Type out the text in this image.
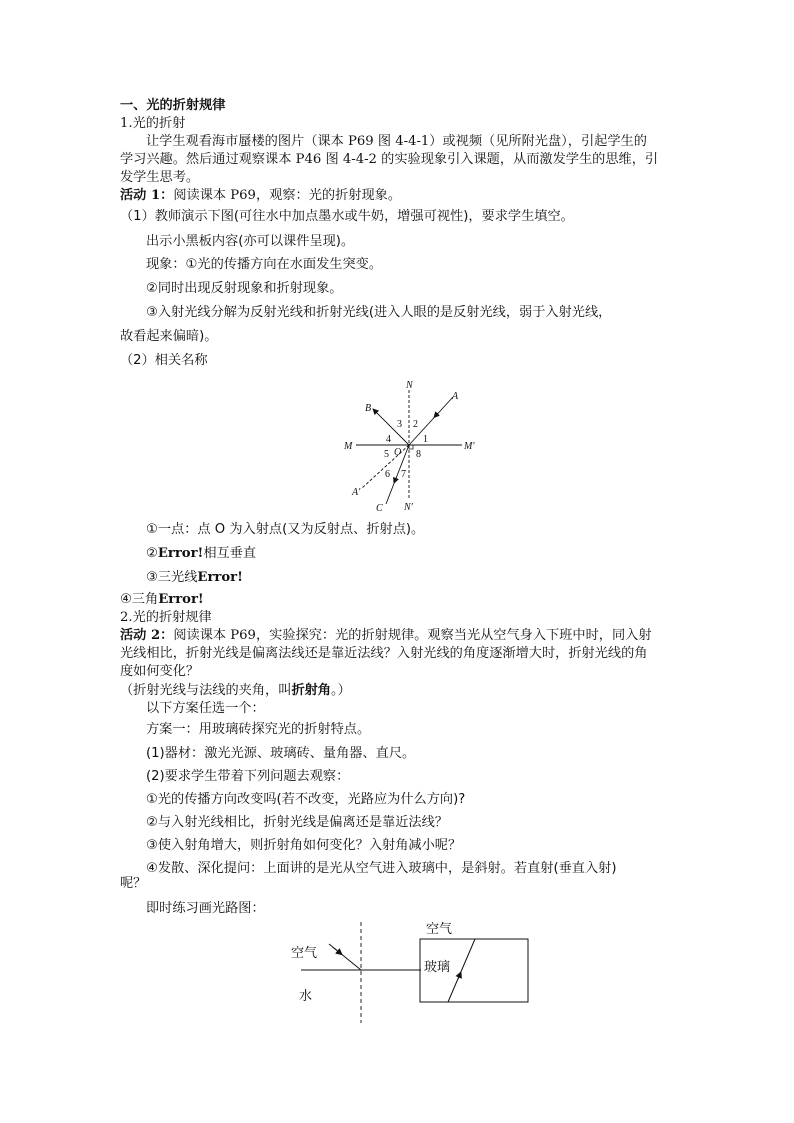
一、光的折射规律
1.光的折射
让学生观看海市蜃楼的图片（课本 P69 图 4-4-1）或视频（见所附光盘），引起学生的
学习兴趣。然后通过观察课本 P46 图 4-4-2 的实验现象引入课题，从而激发学生的思维，引
发学生思考。
活动 1：阅读课本 P69，观察：光的折射现象。
（1）教师演示下图(可往水中加点墨水或牛奶，增强可视性)，要求学生填空。
出示小黑板内容(亦可以课件呈现)。
现象：①光的传播方向在水面发生突变。
②同时出现反射现象和折射现象。
③入射光线分解为反射光线和折射光线(进入人眼的是反射光线，弱于入射光线，
故看起来偏暗)。
（2）相关名称
N
A
B
M	M′
O
A′
C N′
1
2
3
4
5
6 7
8
①一点：点 O 为入射点(又为反射点、折射点)。
②Error!相互垂直
③三光线Error!
④三角Error!
2.光的折射规律
活动 2：阅读课本 P69，实验探究：光的折射规律。观察当光从空气身入下班中时，同入射
光线相比，折射光线是偏离法线还是靠近法线？入射光线的角度逐渐增大时，折射光线的角
度如何变化？
（折射光线与法线的夹角，叫折射角。）
以下方案任选一个：
方案一：用玻璃砖探究光的折射特点。
(1)器材：激光光源、玻璃砖、量角器、直尺。
(2)要求学生带着下列问题去观察：
①光的传播方向改变吗(若不改变，光路应为什么方向)?
②与入射光线相比，折射光线是偏离还是靠近法线？
③使入射角增大，则折射角如何变化？入射角减小呢？
④发散、深化提问：上面讲的是光从空气进入玻璃中，是斜射。若直射(垂直入射)
呢？
即时练习画光路图：
空气
水
空气
玻璃
